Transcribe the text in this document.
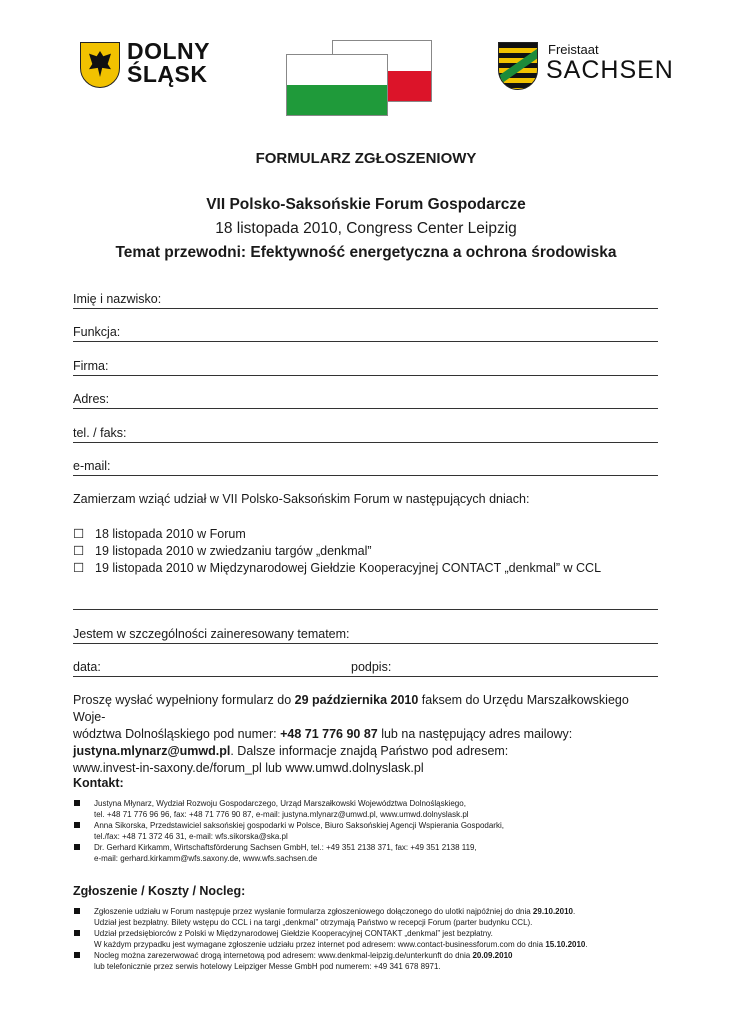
DOLNY
ŚLĄSK
Freistaat
SACHSEN
FORMULARZ ZGŁOSZENIOWY
VII Polsko-Saksońskie Forum Gospodarcze
18 listopada 2010, Congress Center Leipzig
Temat przewodni: Efektywność energetyczna a ochrona środowiska
Imię i nazwisko:
Funkcja:
Firma:
Adres:
tel. / faks:
e-mail:
Zamierzam wziąć udział w VII Polsko-Saksońskim Forum w następujących dniach:
☐ 18 listopada 2010 w Forum
☐ 19 listopada 2010 w zwiedzaniu targów „denkmal”
☐ 19 listopada 2010 w Międzynarodowej Giełdzie Kooperacyjnej CONTACT „denkmal” w CCL
Jestem w szczególności zaineresowany tematem:
data:	podpis:
Proszę wysłać wypełniony formularz do 29 października 2010 faksem do Urzędu Marszałkowskiego Woje-
wództwa Dolnośląskiego pod numer: +48 71 776 90 87 lub na następujący adres mailowy:
justyna.mlynarz@umwd.pl. Dalsze informacje znajdą Państwo pod adresem:
www.invest-in-saxony.de/forum_pl lub www.umwd.dolnyslask.pl
Kontakt:
Justyna Młynarz, Wydział Rozwoju Gospodarczego, Urząd Marszałkowski Województwa Dolnośląskiego,
tel. +48 71 776 96 96, fax: +48 71 776 90 87, e-mail: justyna.mlynarz@umwd.pl, www.umwd.dolnyslask.pl
Anna Sikorska, Przedstawiciel saksońskiej gospodarki w Polsce, Biuro Saksońskiej Agencji Wspierania Gospodarki,
tel./fax: +48 71 372 46 31, e-mail: wfs.sikorska@ska.pl
Dr. Gerhard Kirkamm, Wirtschaftsförderung Sachsen GmbH, tel.: +49 351 2138 371, fax: +49 351 2138 119,
e-mail: gerhard.kirkamm@wfs.saxony.de, www.wfs.sachsen.de
Zgłoszenie / Koszty / Nocleg:
Zgłoszenie udziału w Forum następuje przez wysłanie formularza zgłoszeniowego dołączonego do ulotki najpóźniej do dnia 29.10.2010.
Udział jest bezpłatny. Bilety wstępu do CCL i na targi „denkmal” otrzymają Państwo w recepcji Forum (parter budynku CCL).
Udział przedsiębiorców z Polski w Międzynarodowej Giełdzie Kooperacyjnej CONTAKT „denkmal” jest bezpłatny.
W każdym przypadku jest wymagane zgłoszenie udziału przez internet pod adresem: www.contact-businessforum.com do dnia 15.10.2010.
Nocleg można zarezerwować drogą internetową pod adresem: www.denkmal-leipzig.de/unterkunft do dnia 20.09.2010
lub telefonicznie przez serwis hotelowy Leipziger Messe GmbH pod numerem: +49 341 678 8971.
